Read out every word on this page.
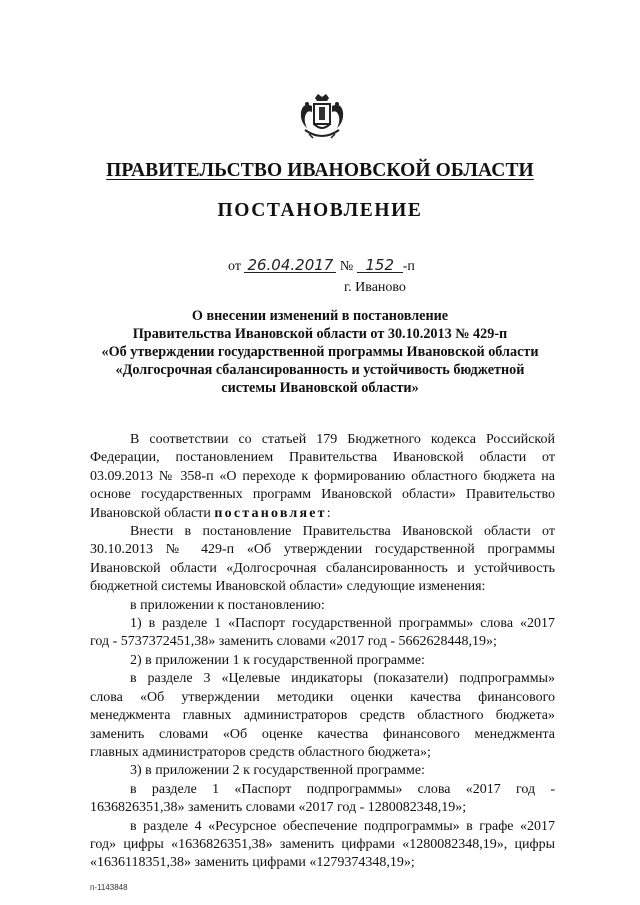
ПРАВИТЕЛЬСТВО ИВАНОВСКОЙ ОБЛАСТИ
ПОСТАНОВЛЕНИЕ
от 26.04.2017 № 152 -п
г. Иваново
О внесении изменений в постановление
Правительства Ивановской области от 30.10.2013 № 429-п
«Об утверждении государственной программы Ивановской области
«Долгосрочная сбалансированность и устойчивость бюджетной
системы Ивановской области»
В соответствии со статьей 179 Бюджетного кодекса Российской
Федерации, постановлением Правительства Ивановской области от
03.09.2013 № 358-п «О переходе к формированию областного бюджета на
основе государственных программ Ивановской области» Правительство
Ивановской области постановляет:
Внести в постановление Правительства Ивановской области от
30.10.2013 № 429-п «Об утверждении государственной программы
Ивановской области «Долгосрочная сбалансированность и устойчивость
бюджетной системы Ивановской области» следующие изменения:
в приложении к постановлению:
1) в разделе 1 «Паспорт государственной программы» слова «2017
год - 5737372451,38» заменить словами «2017 год - 5662628448,19»;
2) в приложении 1 к государственной программе:
в разделе 3 «Целевые индикаторы (показатели) подпрограммы»
слова «Об утверждении методики оценки качества финансового
менеджмента главных администраторов средств областного бюджета»
заменить словами «Об оценке качества финансового менеджмента
главных администраторов средств областного бюджета»;
3) в приложении 2 к государственной программе:
в разделе 1 «Паспорт подпрограммы» слова «2017 год -
1636826351,38» заменить словами «2017 год - 1280082348,19»;
в разделе 4 «Ресурсное обеспечение подпрограммы» в графе «2017
год» цифры «1636826351,38» заменить цифрами «1280082348,19», цифры
«1636118351,38» заменить цифрами «1279374348,19»;
п-1143848
